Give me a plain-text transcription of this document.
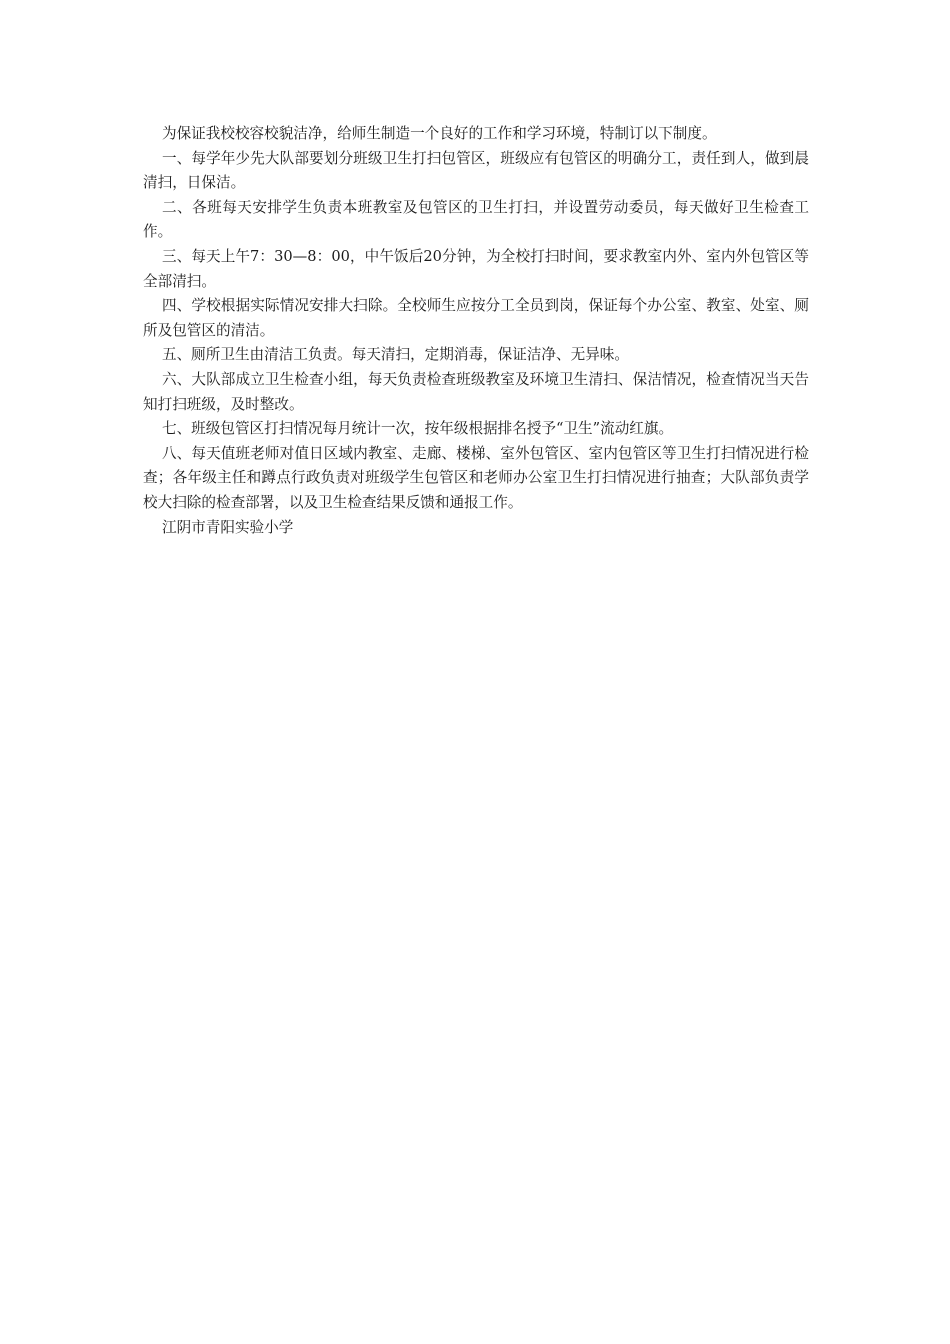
为保证我校校容校貌洁净，给师生制造一个良好的工作和学习环境，特制订以下制度。

一、每学年少先大队部要划分班级卫生打扫包管区，班级应有包管区的明确分工，责任到人，做到晨清扫，日保洁。

二、各班每天安排学生负责本班教室及包管区的卫生打扫，并设置劳动委员，每天做好卫生检查工作。

三、每天上午7：30—8：00，中午饭后20分钟，为全校打扫时间，要求教室内外、室内外包管区等全部清扫。

四、学校根据实际情况安排大扫除。全校师生应按分工全员到岗，保证每个办公室、教室、处室、厕所及包管区的清洁。

五、厕所卫生由清洁工负责。每天清扫，定期消毒，保证洁净、无异味。

六、大队部成立卫生检查小组，每天负责检查班级教室及环境卫生清扫、保洁情况，检查情况当天告知打扫班级，及时整改。

七、班级包管区打扫情况每月统计一次，按年级根据排名授予“卫生”流动红旗。

八、每天值班老师对值日区域内教室、走廊、楼梯、室外包管区、室内包管区等卫生打扫情况进行检查；各年级主任和蹲点行政负责对班级学生包管区和老师办公室卫生打扫情况进行抽查；大队部负责学校大扫除的检查部署，以及卫生检查结果反馈和通报工作。

江阴市青阳实验小学
